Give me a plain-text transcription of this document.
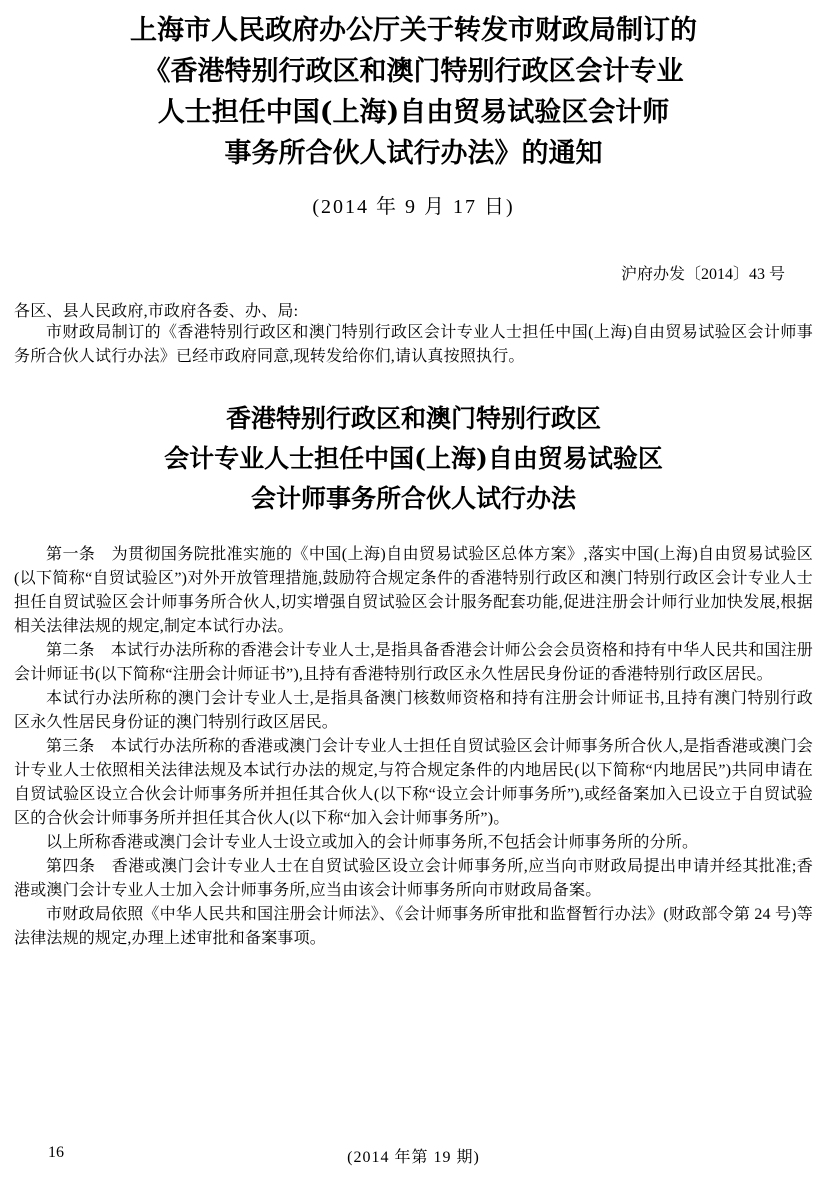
上海市人民政府办公厅关于转发市财政局制订的
《香港特别行政区和澳门特别行政区会计专业
人士担任中国(上海)自由贸易试验区会计师
事务所合伙人试行办法》的通知
(2014 年 9 月 17 日)
沪府办发〔2014〕43 号
各区、县人民政府,市政府各委、办、局:

市财政局制订的《香港特别行政区和澳门特别行政区会计专业人士担任中国(上海)自由贸易试验区会计师事务所合伙人试行办法》已经市政府同意,现转发给你们,请认真按照执行。

香港特别行政区和澳门特别行政区
会计专业人士担任中国(上海)自由贸易试验区
会计师事务所合伙人试行办法

第一条 为贯彻国务院批准实施的《中国(上海)自由贸易试验区总体方案》,落实中国(上海)自由贸易试验区(以下简称“自贸试验区”)对外开放管理措施,鼓励符合规定条件的香港特别行政区和澳门特别行政区会计专业人士担任自贸试验区会计师事务所合伙人,切实增强自贸试验区会计服务配套功能,促进注册会计师行业加快发展,根据相关法律法规的规定,制定本试行办法。

第二条 本试行办法所称的香港会计专业人士,是指具备香港会计师公会会员资格和持有中华人民共和国注册会计师证书(以下简称“注册会计师证书”),且持有香港特别行政区永久性居民身份证的香港特别行政区居民。

本试行办法所称的澳门会计专业人士,是指具备澳门核数师资格和持有注册会计师证书,且持有澳门特别行政区永久性居民身份证的澳门特别行政区居民。

第三条 本试行办法所称的香港或澳门会计专业人士担任自贸试验区会计师事务所合伙人,是指香港或澳门会计专业人士依照相关法律法规及本试行办法的规定,与符合规定条件的内地居民(以下简称“内地居民”)共同申请在自贸试验区设立合伙会计师事务所并担任其合伙人(以下称“设立会计师事务所”),或经备案加入已设立于自贸试验区的合伙会计师事务所并担任其合伙人(以下称“加入会计师事务所”)。

以上所称香港或澳门会计专业人士设立或加入的会计师事务所,不包括会计师事务所的分所。

第四条 香港或澳门会计专业人士在自贸试验区设立会计师事务所,应当向市财政局提出申请并经其批准;香港或澳门会计专业人士加入会计师事务所,应当由该会计师事务所向市财政局备案。

市财政局依照《中华人民共和国注册会计师法》、《会计师事务所审批和监督暂行办法》(财政部令第 24 号)等法律法规的规定,办理上述审批和备案事项。

16	(2014 年第 19 期)
